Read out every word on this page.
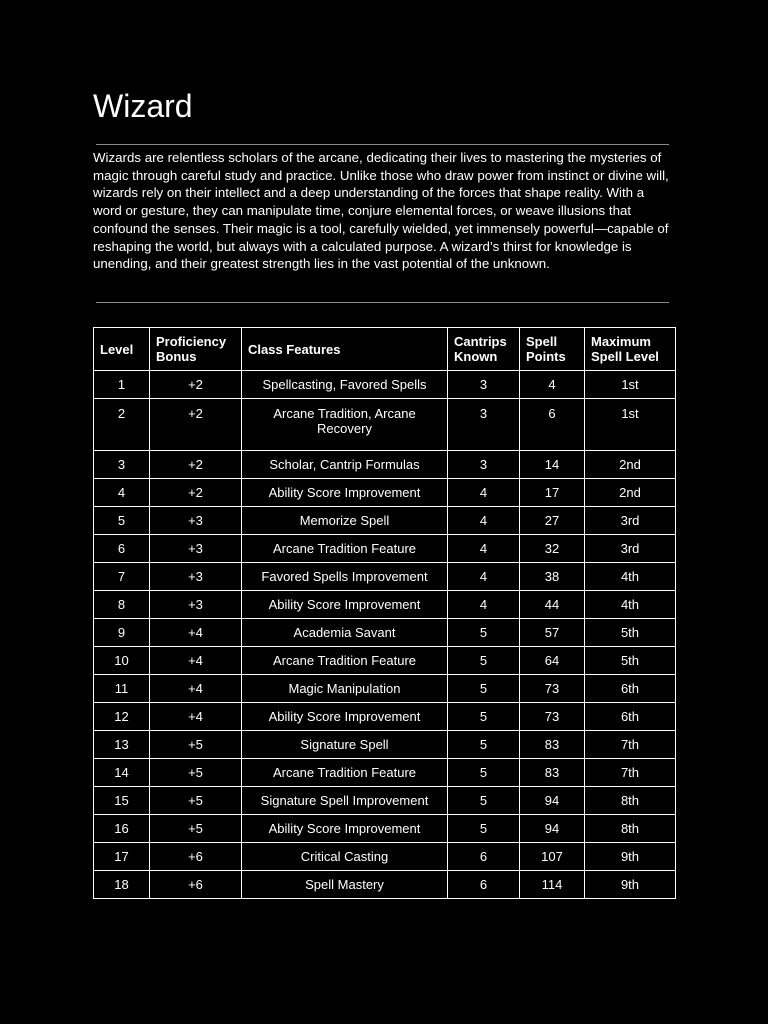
Wizard

Wizards are relentless scholars of the arcane, dedicating their lives to mastering the mysteries of magic through careful study and practice. Unlike those who draw power from instinct or divine will, wizards rely on their intellect and a deep understanding of the forces that shape reality. With a word or gesture, they can manipulate time, conjure elemental forces, or weave illusions that confound the senses. Their magic is a tool, carefully wielded, yet immensely powerful—capable of reshaping the world, but always with a calculated purpose. A wizard’s thirst for knowledge is unending, and their greatest strength lies in the vast potential of the unknown.

Level	Proficiency Bonus	Class Features	Cantrips Known	Spell Points	Maximum Spell Level
1	+2	Spellcasting, Favored Spells	3	4	1st
2	+2	Arcane Tradition, Arcane Recovery	3	6	1st
3	+2	Scholar, Cantrip Formulas	3	14	2nd
4	+2	Ability Score Improvement	4	17	2nd
5	+3	Memorize Spell	4	27	3rd
6	+3	Arcane Tradition Feature	4	32	3rd
7	+3	Favored Spells Improvement	4	38	4th
8	+3	Ability Score Improvement	4	44	4th
9	+4	Academia Savant	5	57	5th
10	+4	Arcane Tradition Feature	5	64	5th
11	+4	Magic Manipulation	5	73	6th
12	+4	Ability Score Improvement	5	73	6th
13	+5	Signature Spell	5	83	7th
14	+5	Arcane Tradition Feature	5	83	7th
15	+5	Signature Spell Improvement	5	94	8th
16	+5	Ability Score Improvement	5	94	8th
17	+6	Critical Casting	6	107	9th
18	+6	Spell Mastery	6	114	9th
